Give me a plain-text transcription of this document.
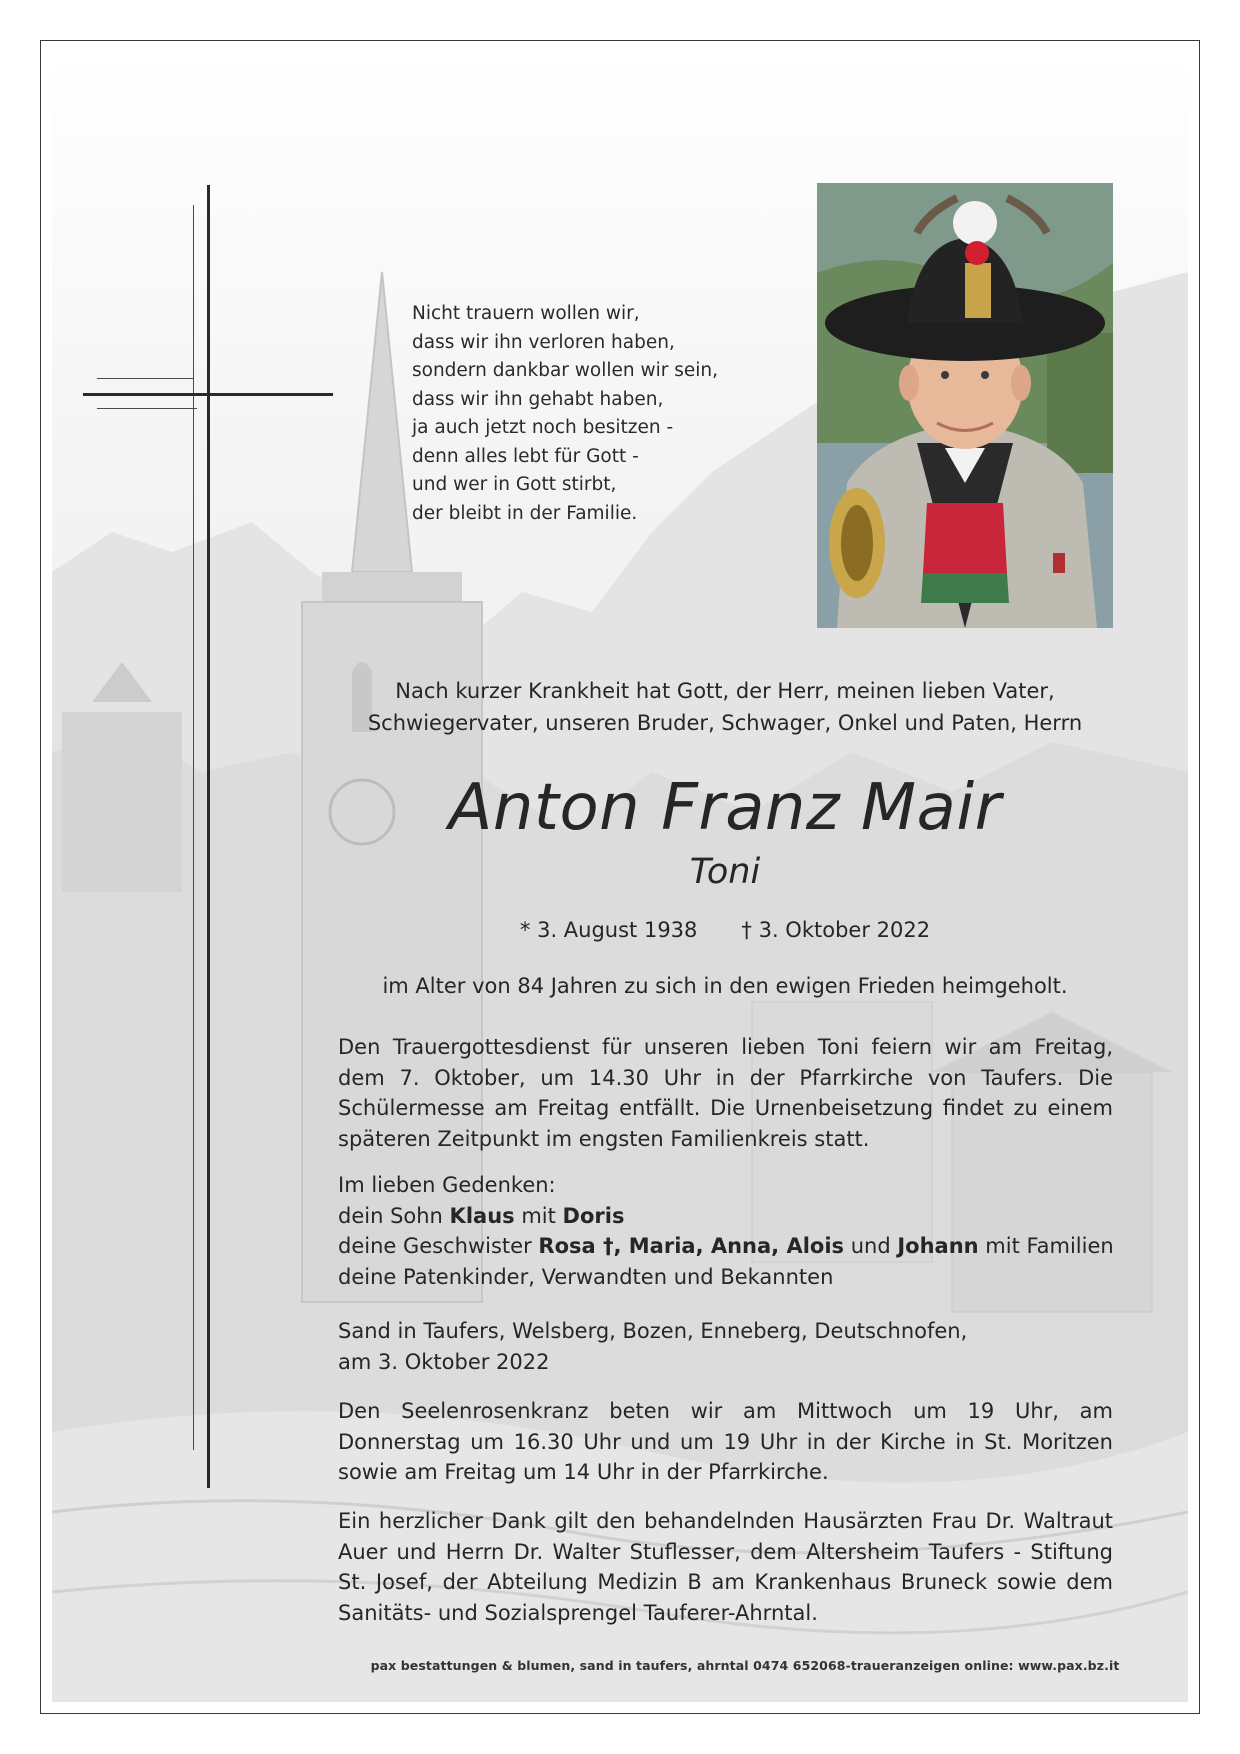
Nicht trauern wollen wir,
dass wir ihn verloren haben,
sondern dankbar wollen wir sein,
dass wir ihn gehabt haben,
ja auch jetzt noch besitzen -
denn alles lebt für Gott -
und wer in Gott stirbt,
der bleibt in der Familie.
Nach kurzer Krankheit hat Gott, der Herr, meinen lieben Vater,
Schwiegervater, unseren Bruder, Schwager, Onkel und Paten, Herrn
Anton Franz Mair
Toni
* 3. August 1938 † 3. Oktober 2022
im Alter von 84 Jahren zu sich in den ewigen Frieden heimgeholt.

Den Trauergottesdienst für unseren lieben Toni feiern wir am Freitag, dem 7. Oktober, um 14.30 Uhr in der Pfarrkirche von Taufers. Die Schülermesse am Freitag entfällt. Die Urnenbeisetzung findet zu einem späteren Zeitpunkt im engsten Familienkreis statt.

Im lieben Gedenken:
dein Sohn Klaus mit Doris
deine Geschwister Rosa †, Maria, Anna, Alois und Johann mit Familien
deine Patenkinder, Verwandten und Bekannten
Sand in Taufers, Welsberg, Bozen, Enneberg, Deutschnofen,
am 3. Oktober 2022

Den Seelenrosenkranz beten wir am Mittwoch um 19 Uhr, am Donnerstag um 16.30 Uhr und um 19 Uhr in der Kirche in St. Moritzen sowie am Freitag um 14 Uhr in der Pfarrkirche.

Ein herzlicher Dank gilt den behandelnden Hausärzten Frau Dr. Waltraut Auer und Herrn Dr. Walter Stuflesser, dem Altersheim Taufers - Stiftung St. Josef, der Abteilung Medizin B am Krankenhaus Bruneck sowie dem Sanitäts- und Sozialsprengel Tauferer-Ahrntal.

pax bestattungen & blumen, sand in taufers, ahrntal 0474 652068-traueranzeigen online: www.pax.bz.it
